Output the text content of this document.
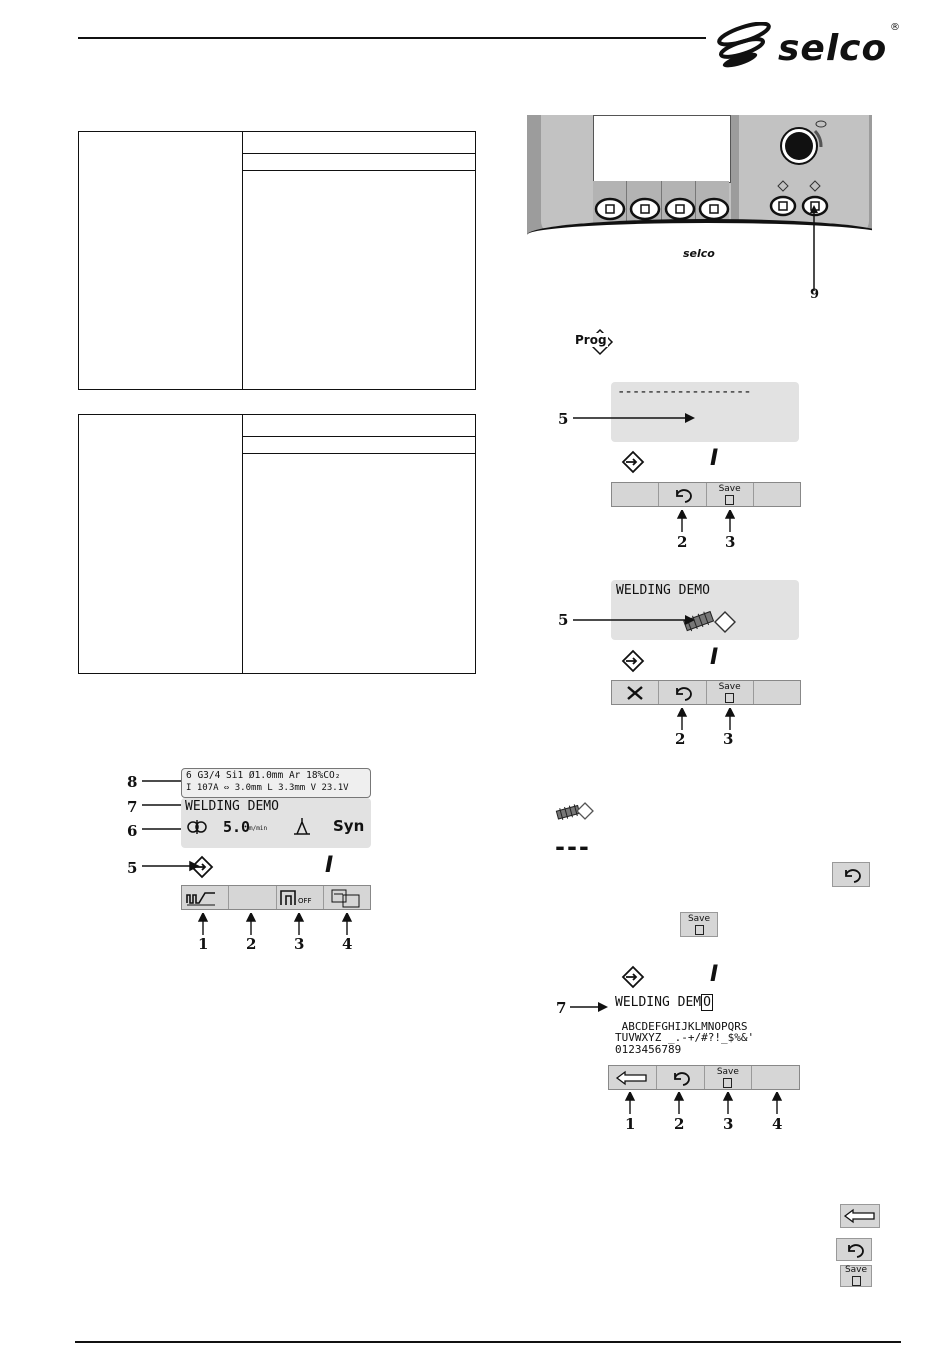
selco
®
8
7
6
5
6 G3/4 Si1 Ø1.0mm Ar 18%CO₂
I 107A ⇔ 3.0mm L 3.3mm V 23.1V
WELDING DEMO
5.0
m/min	Syn
I
OFF
1	2	3	4
selco
9
Prog
------------------
5
I
Save
2	3
WELDING DEMO
5
I
Save
2	3
---
Save
I
7	WELDING DEM O
ABCDEFGHIJKLMNOPQRS
TUVWXYZ _.-+/#?!_$%&'
0123456789
Save
1	2	3	4
Save
